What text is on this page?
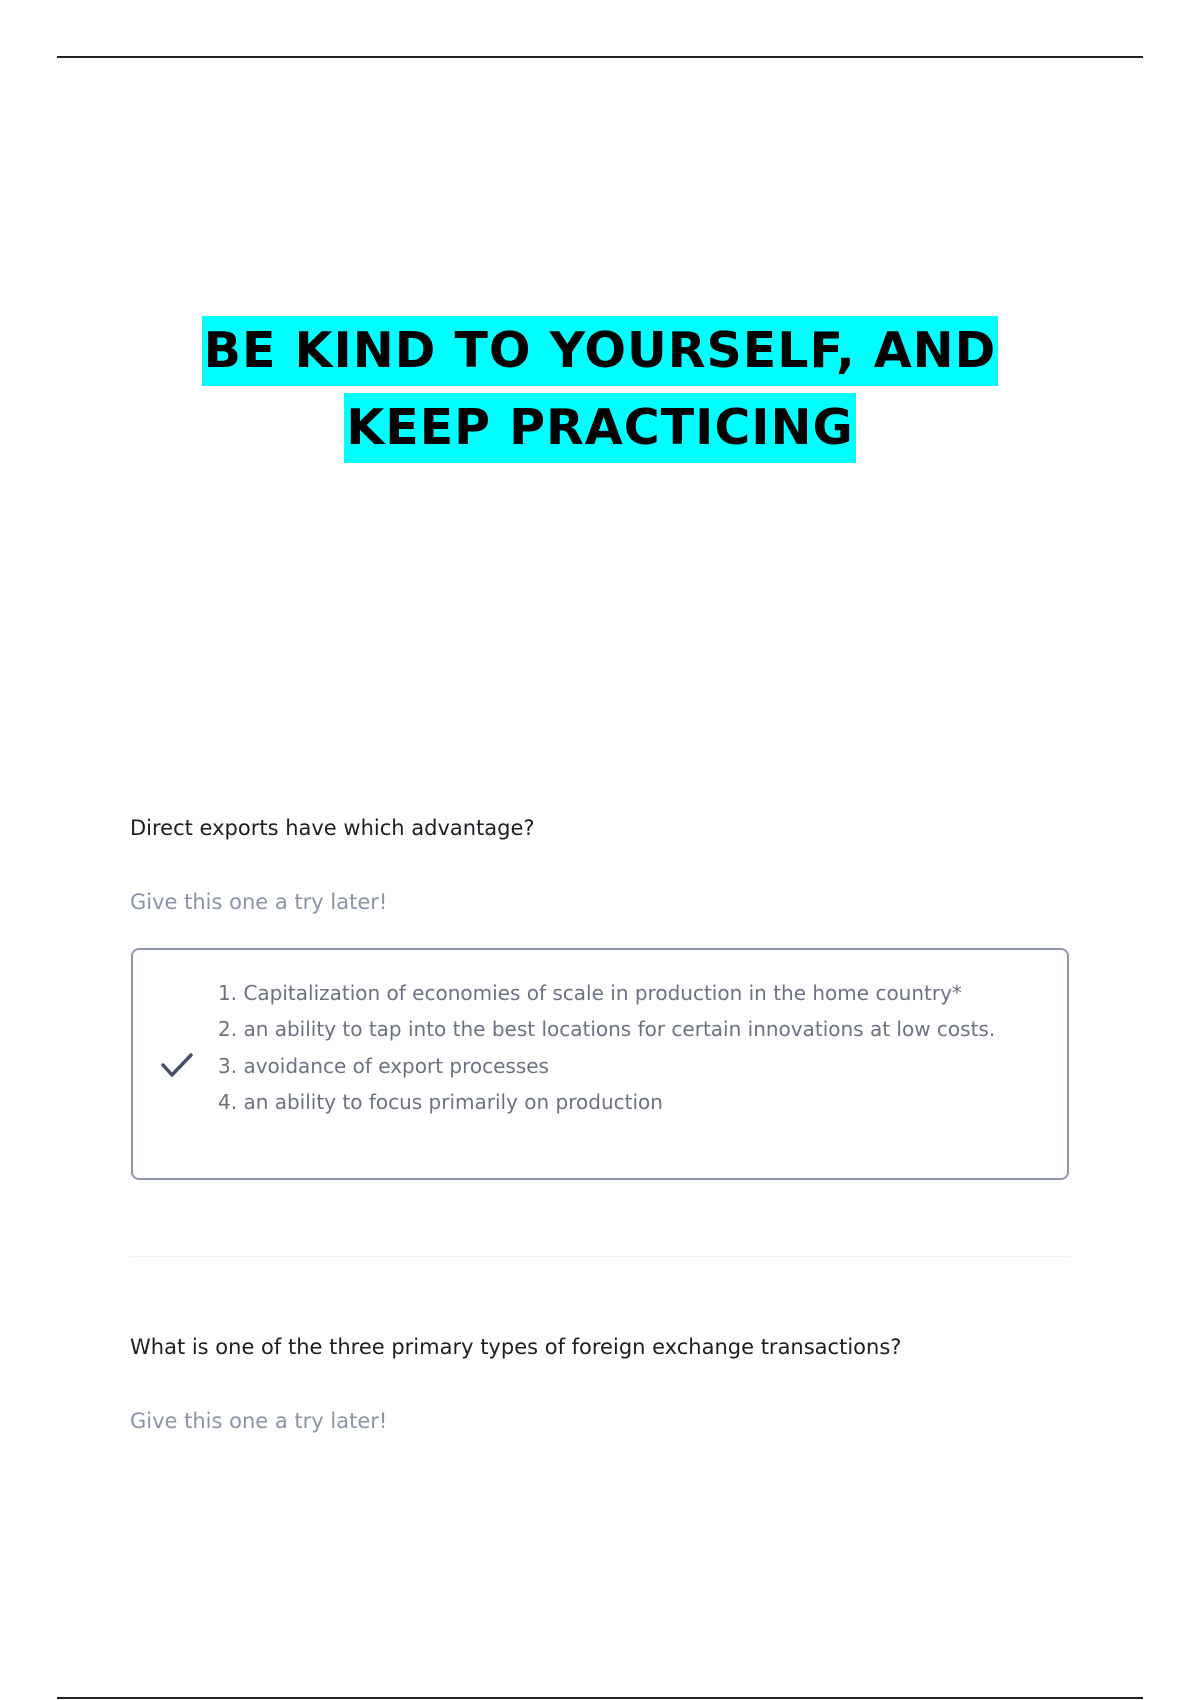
BE KIND TO YOURSELF, AND
KEEP PRACTICING
Direct exports have which advantage?
Give this one a try later!
1. Capitalization of economies of scale in production in the home country*
2. an ability to tap into the best locations for certain innovations at low costs.
3. avoidance of export processes
4. an ability to focus primarily on production
What is one of the three primary types of foreign exchange transactions?
Give this one a try later!
